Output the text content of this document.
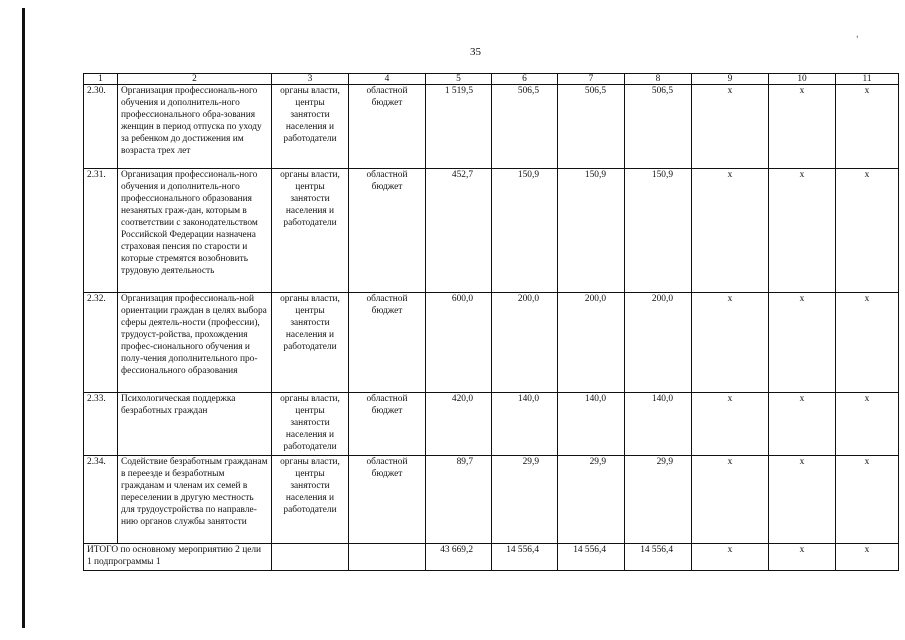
‘
35
1	2	3	4	5	6	7	8	9	10	11
2.30.	Организация профессиональ-ного обучения и дополнитель-ного профессионального обра-зования женщин в период отпуска по уходу за ребенком до достижения им возраста трех лет	органы власти, центры занятости населения и работодатели	областной бюджет	1 519,5	506,5	506,5	506,5	х	х	х
2.31.	Организация профессиональ-ного обучения и дополнитель-ного профессионального образования незанятых граж-дан, которым в соответствии с законодательством Российской Федерации назначена страховая пенсия по старости и которые стремятся возобновить трудовую деятельность	органы власти, центры занятости населения и работодатели	областной бюджет	452,7	150,9	150,9	150,9	х	х	х
2.32.	Организация профессиональ-ной ориентации граждан в целях выбора сферы деятель-ности (профессии), трудоуст-ройства, прохождения профес-сионального обучения и полу-чения дополнительного про-фессионального образования	органы власти, центры занятости населения и работодатели	областной бюджет	600,0	200,0	200,0	200,0	х	х	х
2.33.	Психологическая поддержка безработных граждан	органы власти, центры занятости населения и работодатели	областной бюджет	420,0	140,0	140,0	140,0	х	х	х
2.34.	Содействие безработным гражданам в переезде и безработным гражданам и членам их семей в переселении в другую местность для трудоустройства по направле-нию органов службы занятости	органы власти, центры занятости населения и работодатели	областной бюджет	89,7	29,9	29,9	29,9	х	х	х
ИТОГО по основному мероприятию 2 цели 1 подпрограммы 1				43 669,2	14 556,4	14 556,4	14 556,4	х	х	х
